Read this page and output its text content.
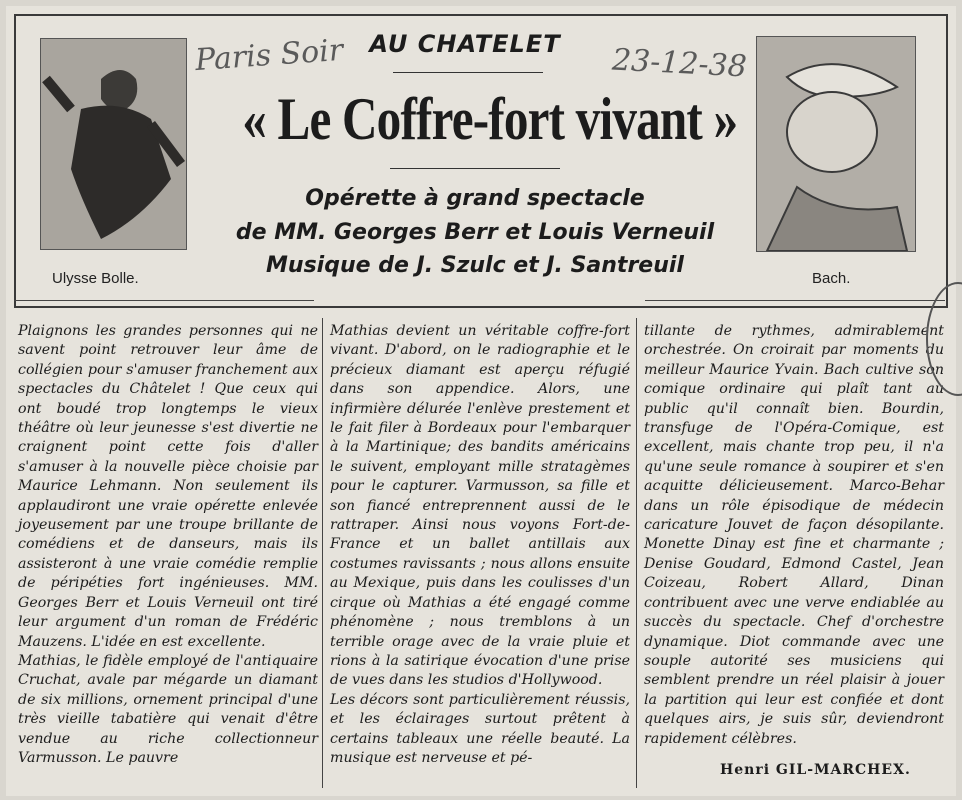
Ulysse Bolle.	Bach.
Paris Soir	23-12-38
AU CHATELET
« Le Coffre-fort vivant »
Opérette à grand spectacle
de MM. Georges Berr et Louis Verneuil
Musique de J. Szulc et J. Santreuil
Plaignons les grandes personnes qui ne savent point retrouver leur âme de collégien pour s'amuser franchement aux spectacles du Châtelet ! Que ceux qui ont boudé trop longtemps le vieux théâtre où leur jeunesse s'est divertie ne craignent point cette fois d'aller s'amuser à la nouvelle pièce choisie par Maurice Lehmann. Non seulement ils applaudiront une vraie opérette enlevée joyeusement par une troupe brillante de comédiens et de danseurs, mais ils assisteront à une vraie comédie remplie de péripéties fort ingénieuses. MM. Georges Berr et Louis Verneuil ont tiré leur argument d'un roman de Frédéric Mauzens. L'idée en est excellente.
Mathias, le fidèle employé de l'antiquaire Cruchat, avale par mégarde un diamant de six millions, ornement principal d'une très vieille tabatière qui venait d'être vendue au riche collectionneur Varmusson. Le pauvre
Mathias devient un véritable coffre-fort vivant. D'abord, on le radiographie et le précieux diamant est aperçu réfugié dans son appendice. Alors, une infirmière délurée l'enlève prestement et le fait filer à Bordeaux pour l'embarquer à la Martinique; des bandits américains le suivent, employant mille stratagèmes pour le capturer. Varmusson, sa fille et son fiancé entreprennent aussi de le rattraper. Ainsi nous voyons Fort-de-France et un ballet antillais aux costumes ravissants ; nous allons ensuite au Mexique, puis dans les coulisses d'un cirque où Mathias a été engagé comme phénomène ; nous tremblons à un terrible orage avec de la vraie pluie et rions à la satirique évocation d'une prise de vues dans les studios d'Hollywood.
Les décors sont particulièrement réussis, et les éclairages surtout prêtent à certains tableaux une réelle beauté. La musique est nerveuse et pé-
tillante de rythmes, admirablement orchestrée. On croirait par moments du meilleur Maurice Yvain. Bach cultive son comique ordinaire qui plaît tant au public qu'il connaît bien. Bourdin, transfuge de l'Opéra-Comique, est excellent, mais chante trop peu, il n'a qu'une seule romance à soupirer et s'en acquitte délicieusement. Marco-Behar dans un rôle épisodique de médecin caricature Jouvet de façon désopilante. Monette Dinay est fine et charmante ; Denise Goudard, Edmond Castel, Jean Coizeau, Robert Allard, Dinan contribuent avec une verve endiablée au succès du spectacle. Chef d'orchestre dynamique. Diot commande avec une souple autorité ses musiciens qui semblent prendre un réel plaisir à jouer la partition qui leur est confiée et dont quelques airs, je suis sûr, deviendront rapidement célèbres.
Henri GIL-MARCHEX.
